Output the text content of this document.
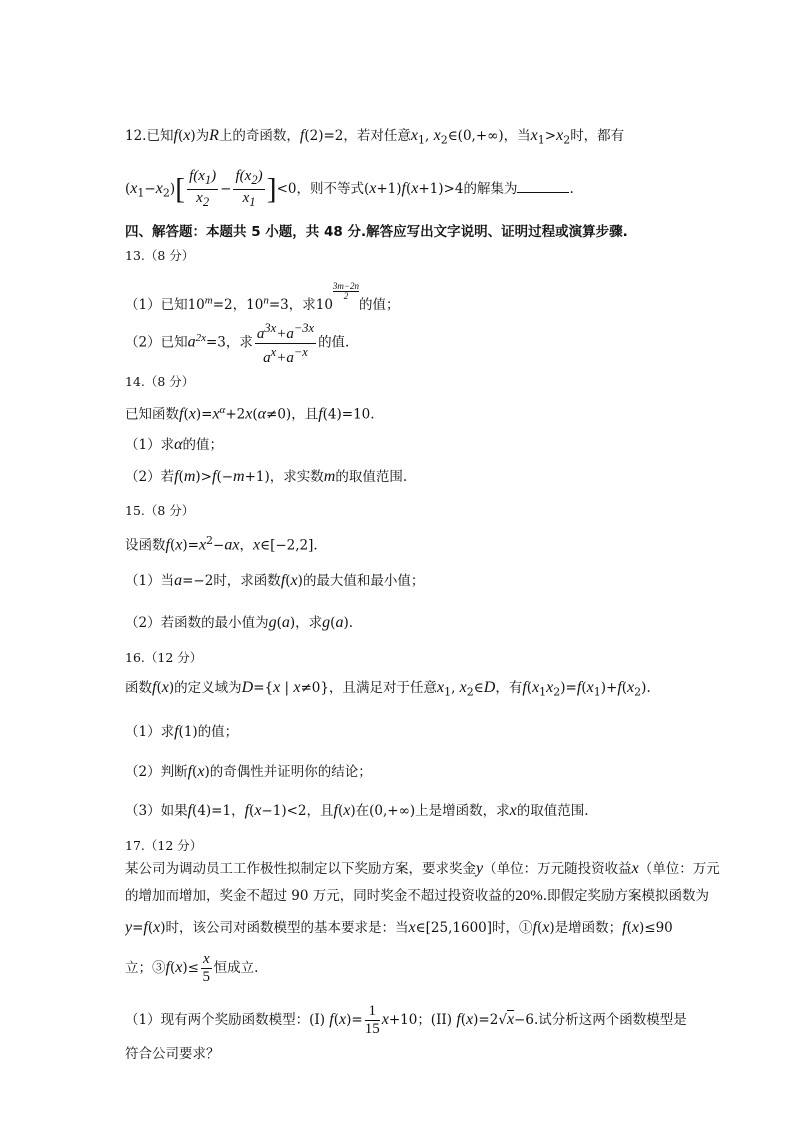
12.已知f(x)为R上的奇函数，f(2)=2，若对任意$x_1$, $x_2\in(0,+\infty)$，当$x_1>x_2$时，都有
$(x_1-x_2)[ \frac{f(x_1)}{x_2} - \frac{f(x_2)}{x_1} ]<0$，则不等式(x+1)f(x+1)>4的解集为	.
四、解答题：本题共 5 小题，共 48 分.解答应写出文字说明、证明过程或演算步骤.
13.（8 分）
（1）已知$10^m=2$，$10^n=3$，求10
$\frac{3m-2n}{2}$
的值；
（2）已知$a^{2x}=3$，求 $\frac{a^{3x}+a^{-3x}}{a^x+a^{-x}}$ 的值.
14.（8 分）
已知函数$f(x)=x^\alpha+2x(\alpha\ne 0)$，且f(4)=10.
（1）求α的值；
（2）若f(m)>f(−m+1)，求实数m的取值范围.
15.（8 分）
设函数$f(x)=x^2-ax$，x∈[−2,2].
（1）当a=−2时，求函数f(x)的最大值和最小值；
（2）若函数的最小值为g(a)，求g(a).
16.（12 分）
函数f(x)的定义域为D={x | x≠0}，且满足对于任意$x_1$, $x_2\in D$，有$f(x_1x_2)=f(x_1)+f(x_2)$.
（1）求f(1)的值；
（2）判断f(x)的奇偶性并证明你的结论；
（3）如果f(4)=1，f(x−1)<2，且f(x)在(0,+∞)上是增函数，求x的取值范围.
17.（12 分）
某公司为调动员工工作极性拟制定以下奖励方案，要求奖金y（单位：万元随投资收益x（单位：万元
的增加而增加，奖金不超过 90 万元，同时奖金不超过投资收益的20%.即假定奖励方案模拟函数为
y=f(x)时，该公司对函数模型的基本要求是：当x∈[25,1600]时，①f(x)是增函数；f(x)≤90
立；③f(x)≤ $\frac{x}{5}$ 恒成立.
（1）现有两个奖励函数模型：(I) $f(x)= \frac{1}{15} x+10$；(II) f(x)=2√x−6.试分析这两个函数模型是
符合公司要求？
